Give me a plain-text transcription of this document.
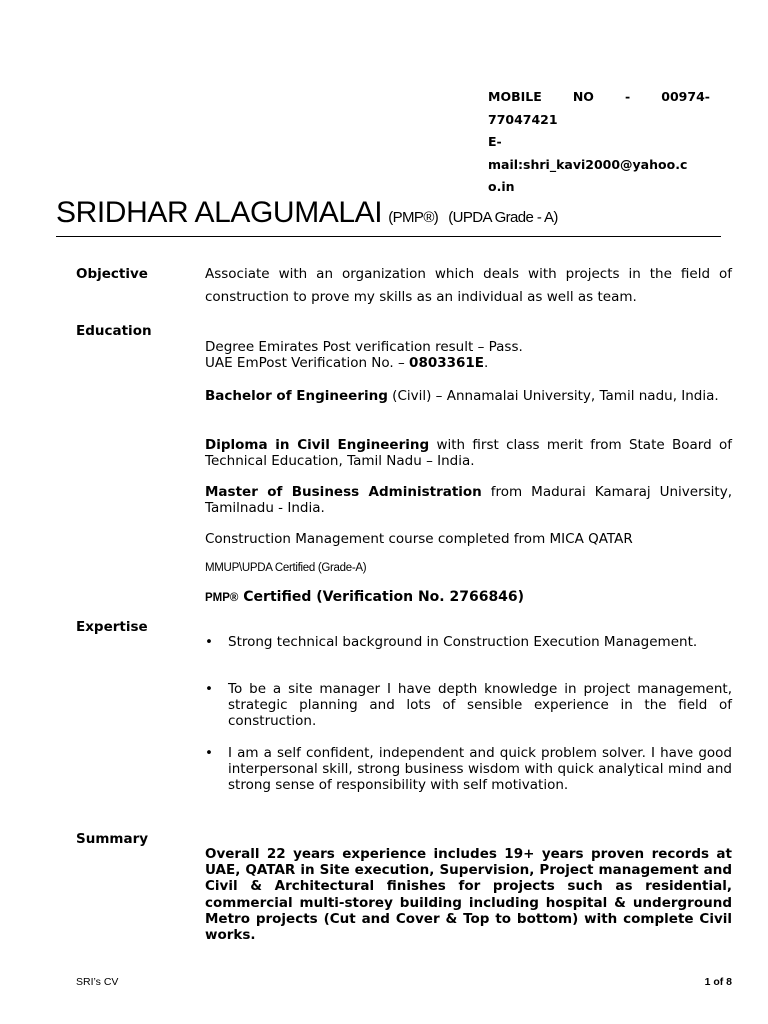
MOBILE NO - 00974-
77047421
E-
mail:shri_kavi2000@yahoo.c
o.in
SRIDHAR ALAGUMALAI (PMP®) (UPDA Grade - A)
Objective	Associate with an organization which deals with projects in the field of construction to prove my skills as an individual as well as team.
Education
Degree Emirates Post verification result – Pass.
UAE EmPost Verification No. – 0803361E.
Bachelor of Engineering (Civil) – Annamalai University, Tamil nadu, India.
Diploma in Civil Engineering with first class merit from State Board of Technical Education, Tamil Nadu – India.
Master of Business Administration from Madurai Kamaraj University, Tamilnadu - India.
Construction Management course completed from MICA QATAR
MMUP\UPDA Certified (Grade-A)
PMP® Certified (Verification No. 2766846)
Expertise
• Strong technical background in Construction Execution Management.
• To be a site manager I have depth knowledge in project management, strategic planning and lots of sensible experience in the field of construction.
• I am a self confident, independent and quick problem solver. I have good interpersonal skill, strong business wisdom with quick analytical mind and strong sense of responsibility with self motivation.
Summary
Overall 22 years experience includes 19+ years proven records at UAE, QATAR in Site execution, Supervision, Project management and Civil & Architectural finishes for projects such as residential, commercial multi-storey building including hospital & underground Metro projects (Cut and Cover & Top to bottom) with complete Civil works.
SRI’s CV	1 of 8
